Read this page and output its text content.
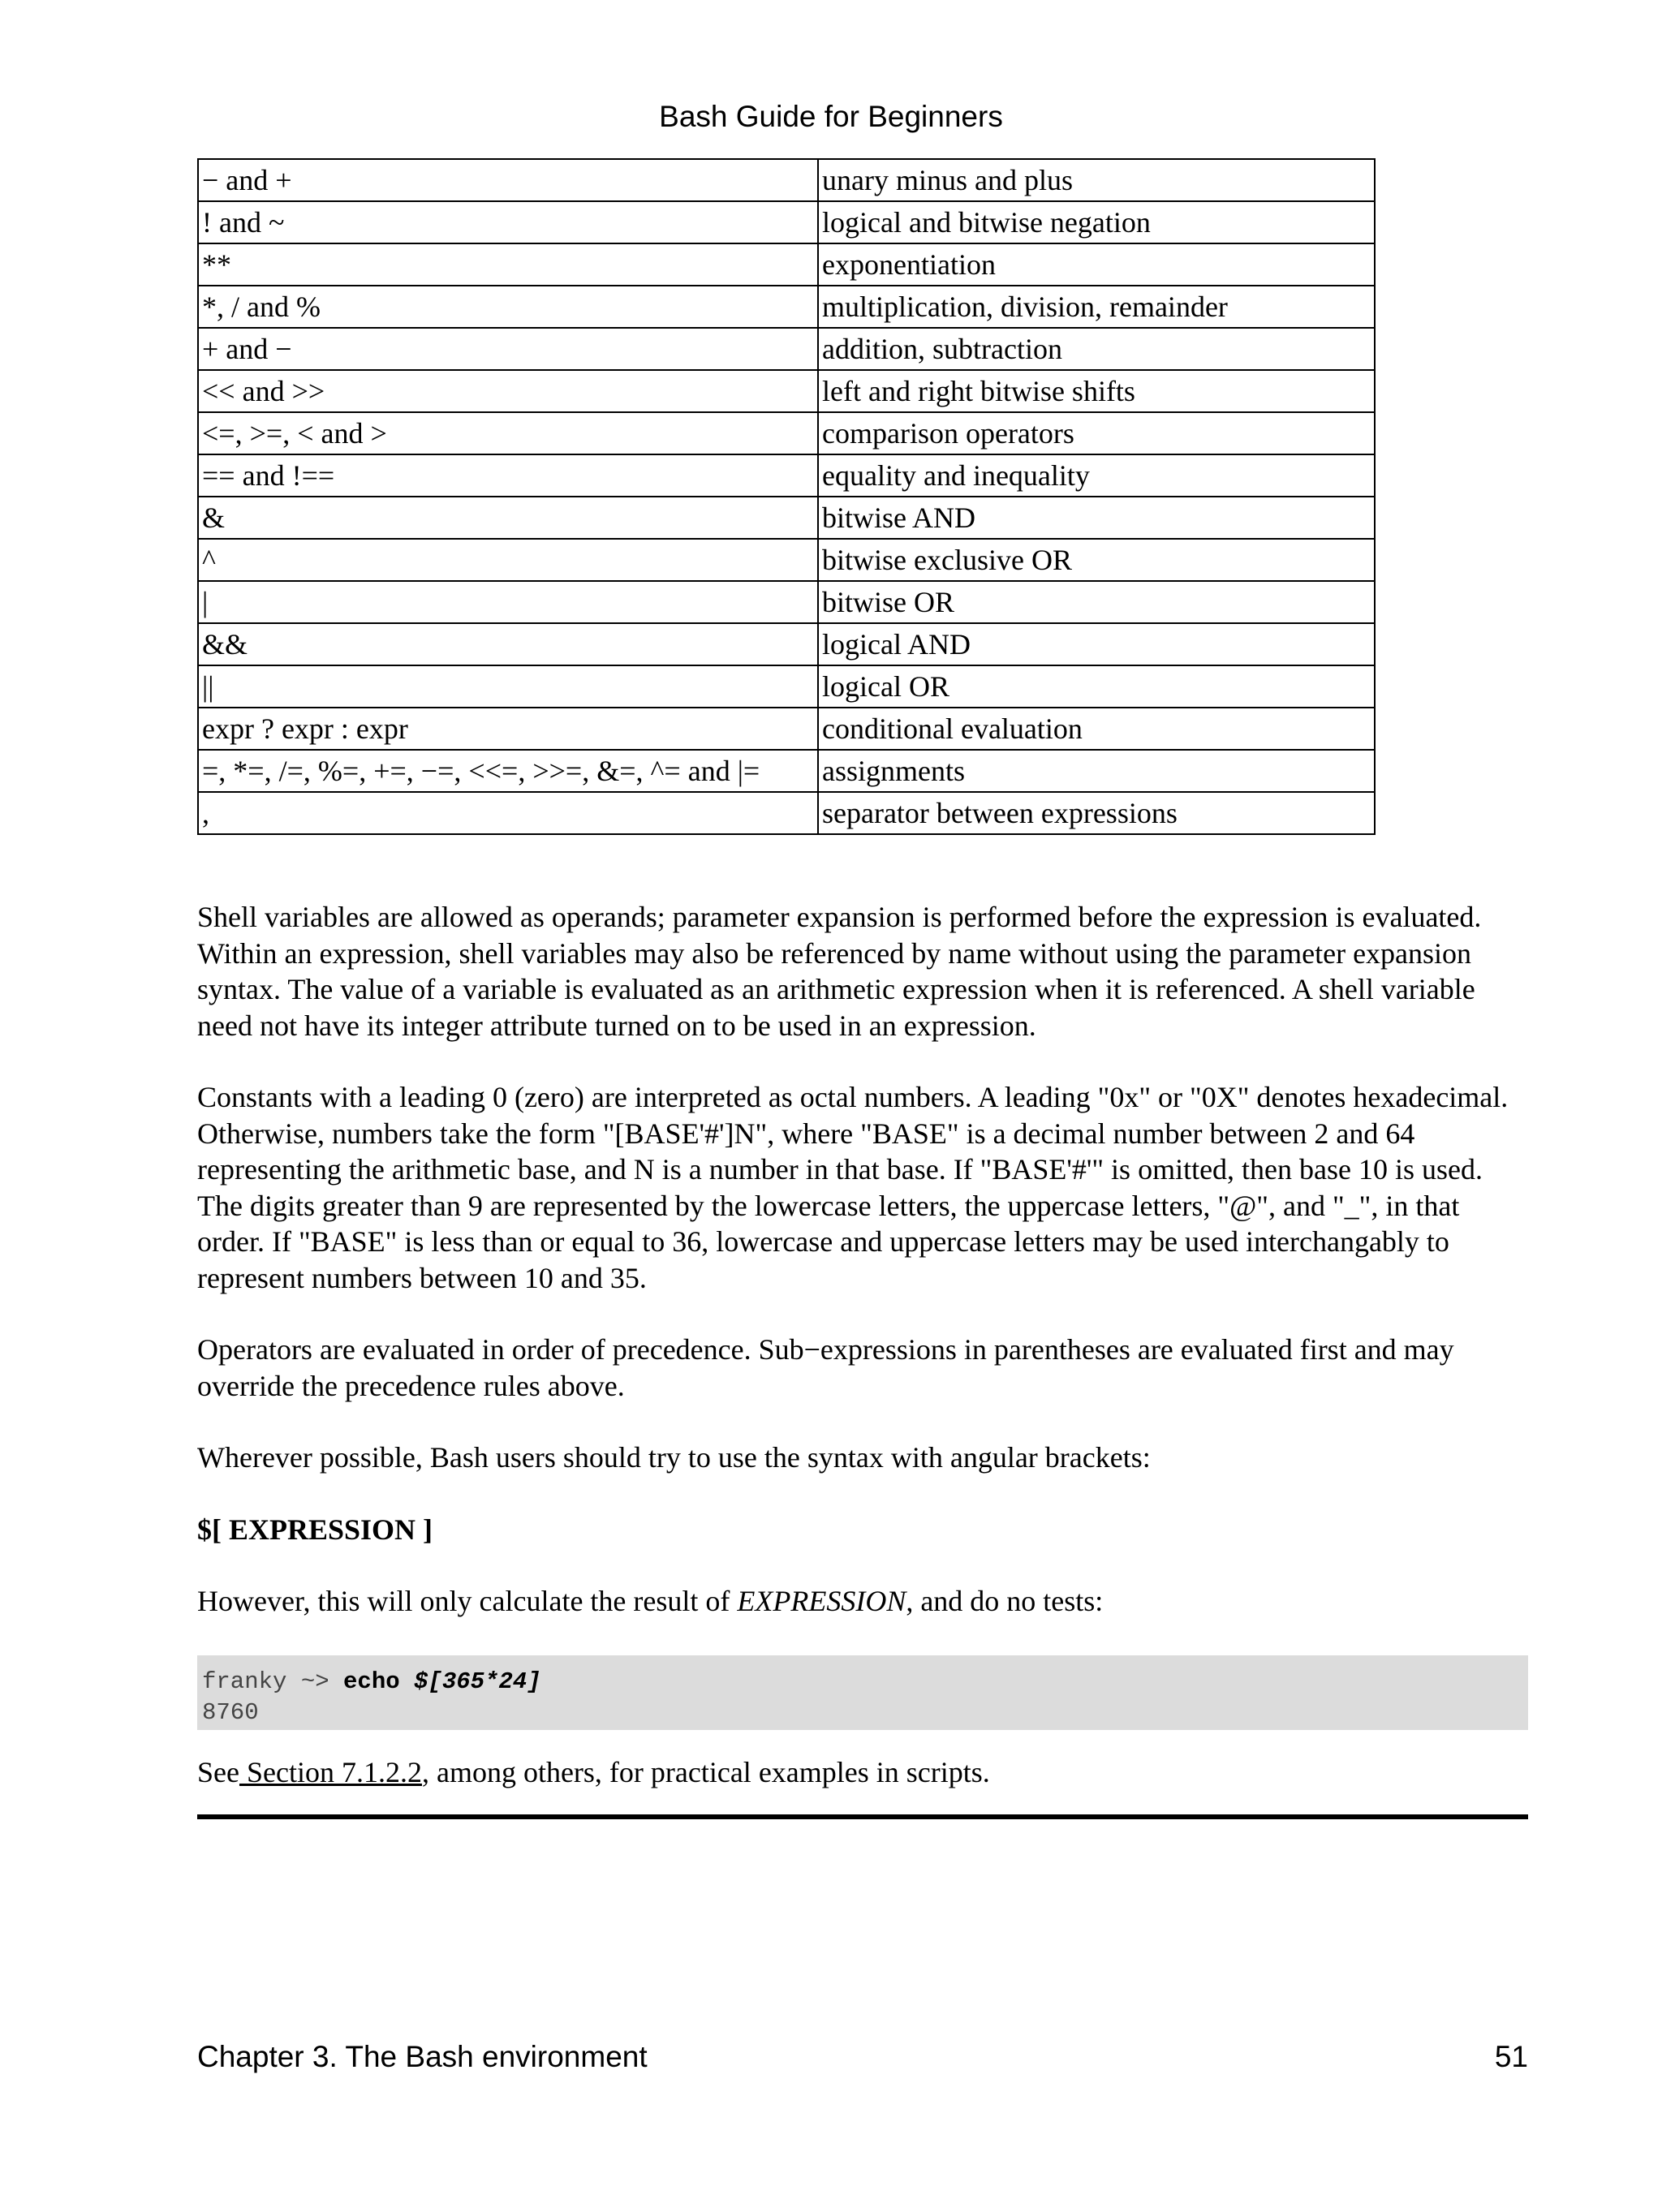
Bash Guide for Beginners
− and +	unary minus and plus
! and ~	logical and bitwise negation
**	exponentiation
*, / and %	multiplication, division, remainder
+ and −	addition, subtraction
<< and >>	left and right bitwise shifts
<=, >=, < and >	comparison operators
== and !==	equality and inequality
&	bitwise AND
^	bitwise exclusive OR
|	bitwise OR
&&	logical AND
||	logical OR
expr ? expr : expr	conditional evaluation
=, *=, /=, %=, +=, −=, <<=, >>=, &=, ^= and |=	assignments
,	separator between expressions

Shell variables are allowed as operands; parameter expansion is performed before the expression is evaluated. Within an expression, shell variables may also be referenced by name without using the parameter expansion syntax. The value of a variable is evaluated as an arithmetic expression when it is referenced. A shell variable need not have its integer attribute turned on to be used in an expression.

Constants with a leading 0 (zero) are interpreted as octal numbers. A leading "0x" or "0X" denotes hexadecimal. Otherwise, numbers take the form "[BASE'#']N", where "BASE" is a decimal number between 2 and 64 representing the arithmetic base, and N is a number in that base. If "BASE'#'" is omitted, then base 10 is used. The digits greater than 9 are represented by the lowercase letters, the uppercase letters, "@", and "_", in that order. If "BASE" is less than or equal to 36, lowercase and uppercase letters may be used interchangably to represent numbers between 10 and 35.

Operators are evaluated in order of precedence. Sub−expressions in parentheses are evaluated first and may override the precedence rules above.

Wherever possible, Bash users should try to use the syntax with angular brackets:

$[ EXPRESSION ]

However, this will only calculate the result of EXPRESSION, and do no tests:

franky ~> echo $[365*24]
8760

See Section 7.1.2.2, among others, for practical examples in scripts.

Chapter 3. The Bash environment	51
